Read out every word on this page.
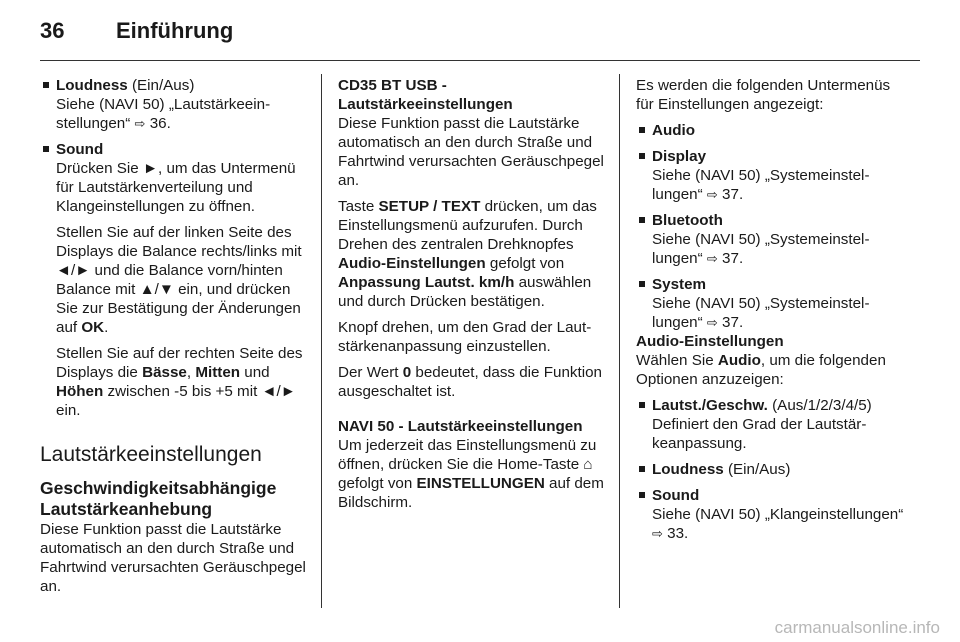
36 Einführung

Loudness (Ein/Aus)

Siehe (NAVI 50) „Lautstärkeeinstellungen“ ⇨ 36.

Sound

Drücken Sie ►, um das Untermenü für Lautstärkenverteilung und Klangeinstellungen zu öffnen.

Stellen Sie auf der linken Seite des Displays die Balance rechts/links mit ◄/► und die Balance vorn/hinten Balance mit ▲/▼ ein, und drücken Sie zur Bestätigung der Änderungen auf OK.

Stellen Sie auf der rechten Seite des Displays die Bässe, Mitten und Höhen zwischen -5 bis +5 mit ◄/► ein.

Lautstärkeeinstellungen

Geschwindigkeitsabhängige Lautstärkeanhebung

Diese Funktion passt die Lautstärke automatisch an den durch Straße und Fahrtwind verursachten Geräuschpegel an.

CD35 BT USB - Lautstärkeeinstellungen

Diese Funktion passt die Lautstärke automatisch an den durch Straße und Fahrtwind verursachten Geräuschpegel an.

Taste SETUP / TEXT drücken, um das Einstellungsmenü aufzurufen. Durch Drehen des zentralen Drehknopfes Audio-Einstellungen gefolgt von Anpassung Lautst. km/h auswählen und durch Drücken bestätigen.

Knopf drehen, um den Grad der Lautstärkenanpassung einzustellen.

Der Wert 0 bedeutet, dass die Funktion ausgeschaltet ist.

NAVI 50 - Lautstärkeeinstellungen

Um jederzeit das Einstellungsmenü zu öffnen, drücken Sie die Home-Taste ⌂ gefolgt von EINSTELLUNGEN auf dem Bildschirm.

Es werden die folgenden Untermenüs für Einstellungen angezeigt:

Audio

Display

Siehe (NAVI 50) „Systemeinstellungen“ ⇨ 37.

Bluetooth

Siehe (NAVI 50) „Systemeinstellungen“ ⇨ 37.

System

Siehe (NAVI 50) „Systemeinstellungen“ ⇨ 37.

Audio-Einstellungen

Wählen Sie Audio, um die folgenden Optionen anzuzeigen:

Lautst./Geschw. (Aus/1/2/3/4/5)

Definiert den Grad der Lautstärkeanpassung.

Loudness (Ein/Aus)

Sound

Siehe (NAVI 50) „Klangeinstellungen“ ⇨ 33.

carmanualsonline.info
